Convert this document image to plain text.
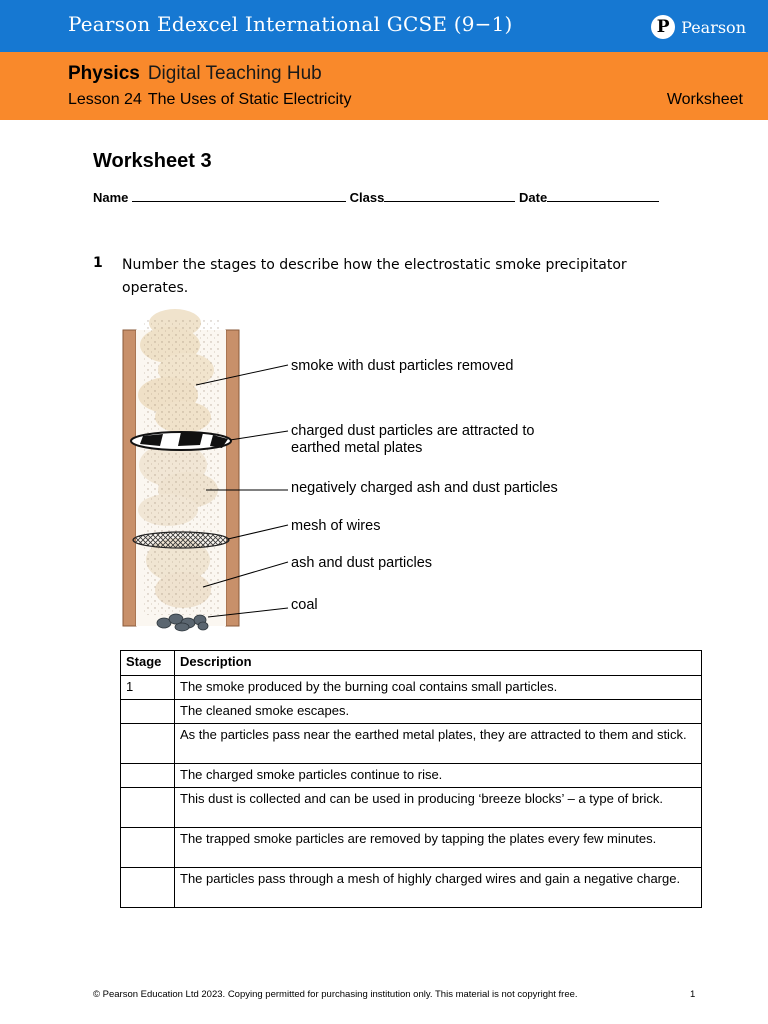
Pearson Edexcel International GCSE (9−1)	P Pearson
Physics Digital Teaching Hub
Lesson 24 The Uses of Static Electricity	Worksheet
Worksheet 3
Name	Class	Date
1 Number the stages to describe how the electrostatic smoke precipitator operates.
smoke with dust particles removed
charged dust particles are attracted to
earthed metal plates
negatively charged ash and dust particles
mesh of wires
ash and dust particles
coal
Stage	Description
1	The smoke produced by the burning coal contains small particles.
	The cleaned smoke escapes.
	As the particles pass near the earthed metal plates, they are attracted to them and stick.
	The charged smoke particles continue to rise.
	This dust is collected and can be used in producing ‘breeze blocks’ – a type of brick.
	The trapped smoke particles are removed by tapping the plates every few minutes.
	The particles pass through a mesh of highly charged wires and gain a negative charge.
© Pearson Education Ltd 2023. Copying permitted for purchasing institution only. This material is not copyright free.	1
